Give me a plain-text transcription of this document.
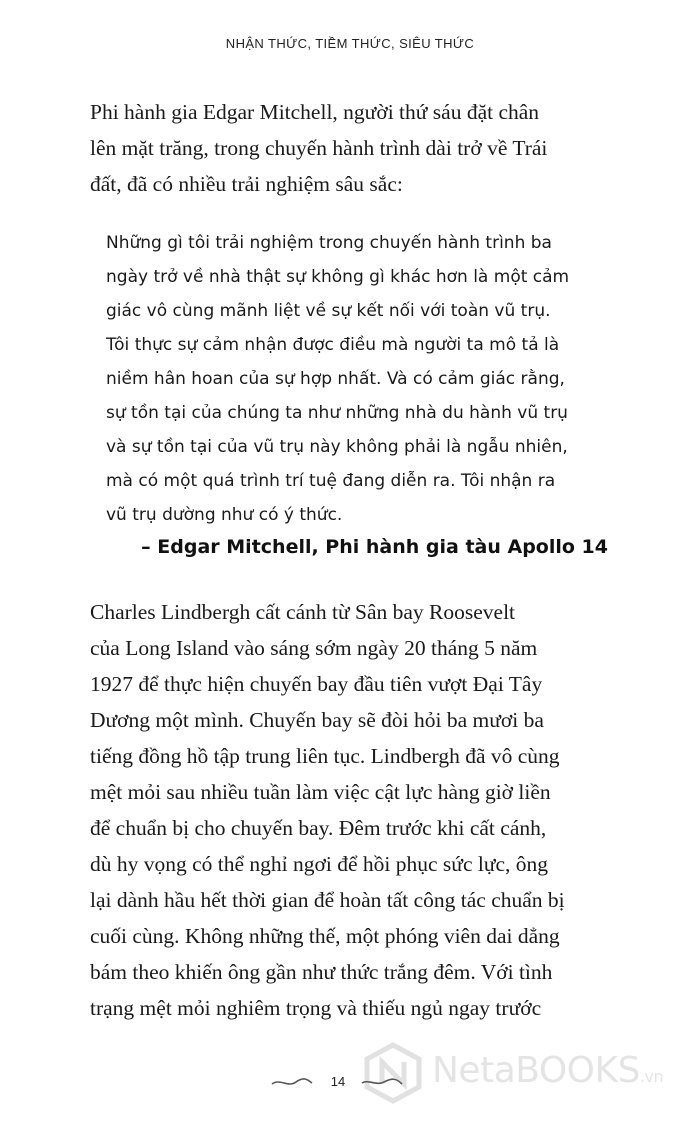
NHẬN THỨC, TIỀM THỨC, SIÊU THỨC

Phi hành gia Edgar Mitchell, người thứ sáu đặt chân
lên mặt trăng, trong chuyến hành trình dài trở về Trái
đất, đã có nhiều trải nghiệm sâu sắc:

Những gì tôi trải nghiệm trong chuyến hành trình ba
ngày trở về nhà thật sự không gì khác hơn là một cảm
giác vô cùng mãnh liệt về sự kết nối với toàn vũ trụ.
Tôi thực sự cảm nhận được điều mà người ta mô tả là
niềm hân hoan của sự hợp nhất. Và có cảm giác rằng,
sự tồn tại của chúng ta như những nhà du hành vũ trụ
và sự tồn tại của vũ trụ này không phải là ngẫu nhiên,
mà có một quá trình trí tuệ đang diễn ra. Tôi nhận ra
vũ trụ dường như có ý thức.
– Edgar Mitchell, Phi hành gia tàu Apollo 14

Charles Lindbergh cất cánh từ Sân bay Roosevelt
của Long Island vào sáng sớm ngày 20 tháng 5 năm
1927 để thực hiện chuyến bay đầu tiên vượt Đại Tây
Dương một mình. Chuyến bay sẽ đòi hỏi ba mươi ba
tiếng đồng hồ tập trung liên tục. Lindbergh đã vô cùng
mệt mỏi sau nhiều tuần làm việc cật lực hàng giờ liền
để chuẩn bị cho chuyến bay. Đêm trước khi cất cánh,
dù hy vọng có thể nghỉ ngơi để hồi phục sức lực, ông
lại dành hầu hết thời gian để hoàn tất công tác chuẩn bị
cuối cùng. Không những thế, một phóng viên dai dẳng
bám theo khiến ông gần như thức trắng đêm. Với tình
trạng mệt mỏi nghiêm trọng và thiếu ngủ ngay trước

14	NetaBOOKS.vn
